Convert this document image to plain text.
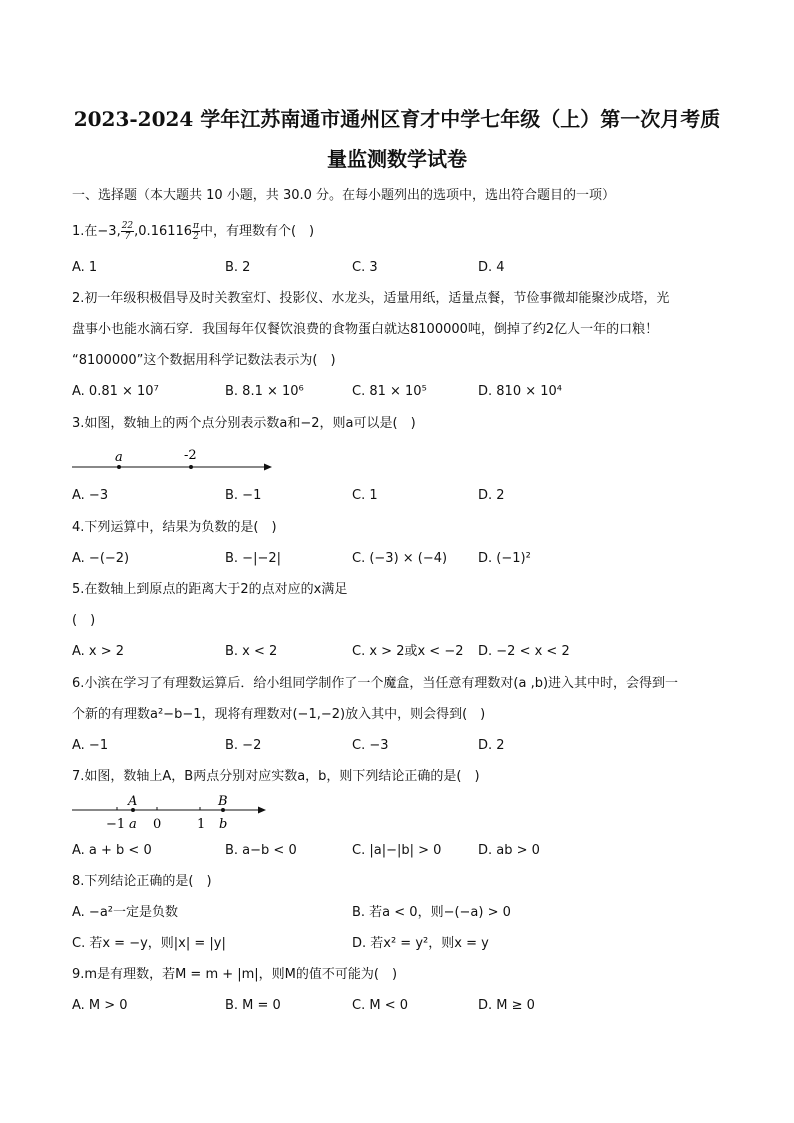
2023-2024 学年江苏南通市通州区育才中学七年级（上）第一次月考质
量监测数学试卷
一、选择题（本大题共 10 小题，共 30.0 分。在每小题列出的选项中，选出符合题目的一项）
1.在−3, $\frac{22}{7} ,0.16116 \frac{\pi}{2}$ 中，有理数有个(　)
A. 1	B. 2	C. 3	D. 4
2.初一年级积极倡导及时关教室灯、投影仪、水龙头，适量用纸，适量点餐，节俭事微却能聚沙成塔，光
盘事小也能水滴石穿．我国每年仅餐饮浪费的食物蛋白就达8100000吨，倒掉了约2亿人一年的口粮！
“8100000”这个数据用科学记数法表示为(　)
A. 0.81 × 10⁷	B. 8.1 × 10⁶	C. 81 × 10⁵	D. 810 × 10⁴
3.如图，数轴上的两个点分别表示数a和−2，则a可以是(　)
a	-2
A. −3	B. −1	C. 1	D. 2
4.下列运算中，结果为负数的是(　)
A. −(−2)	B. −|−2|	C. (−3) × (−4) D. (−1)²
5.在数轴上到原点的距离大于2的点对应的x满足
(　)
A. x > 2	B. x < 2	C. x > 2或x < −2 D. −2 < x < 2
6.小滨在学习了有理数运算后．给小组同学制作了一个魔盒，当任意有理数对(a ,b)进入其中时，会得到一
个新的有理数a²−b−1，现将有理数对(−1,−2)放入其中，则会得到(　)
A. −1	B. −2	C. −3	D. 2
7.如图，数轴上A，B两点分别对应实数a，b，则下列结论正确的是(　)
A	B
−1 a 0	1 b
A. a + b < 0	B. a−b < 0	C. |a|−|b| > 0	D. ab > 0
8.下列结论正确的是(　)
A. −a²一定是负数	B. 若a < 0，则−(−a) > 0
C. 若x = −y，则|x| = |y|	D. 若x² = y²，则x = y
9.m是有理数，若M = m + |m|，则M的值不可能为(　)
A. M > 0	B. M = 0	C. M < 0	D. M ≥ 0
